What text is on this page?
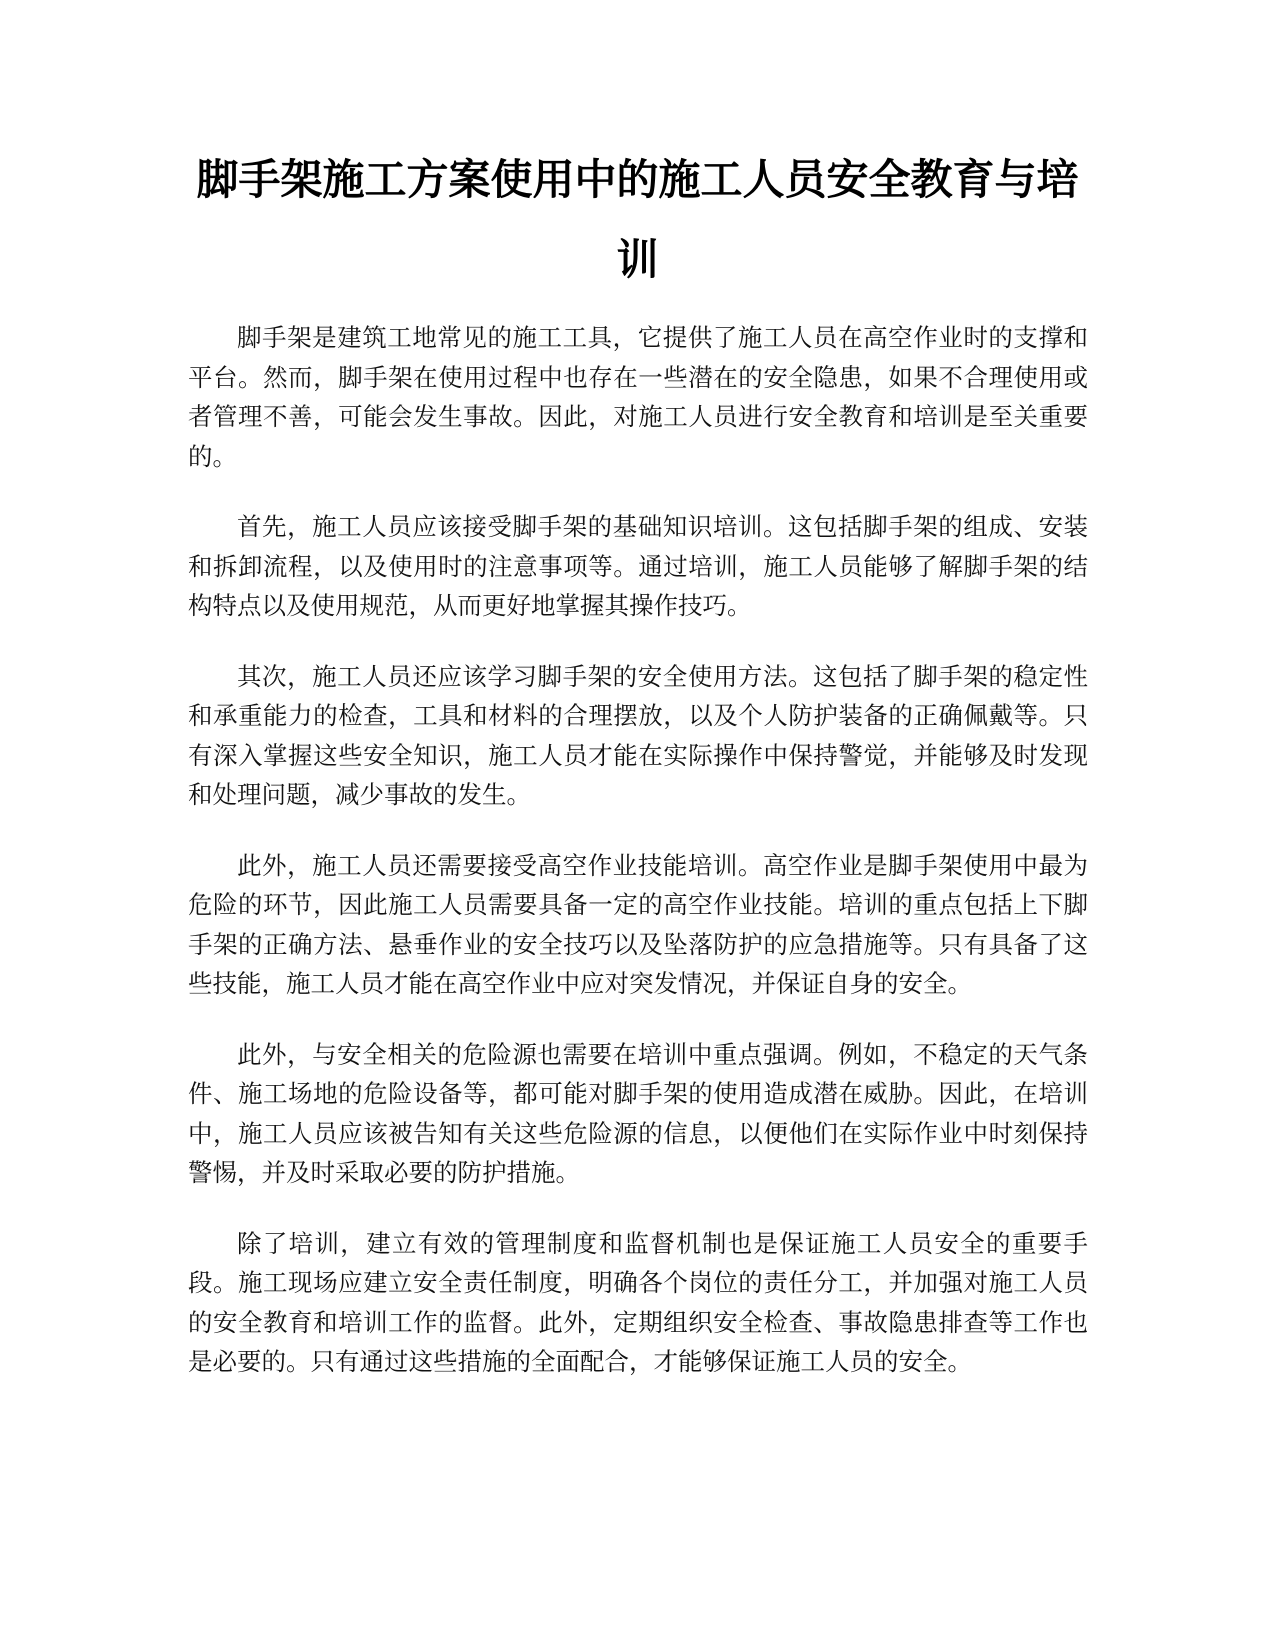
脚手架施工方案使用中的施工人员安全教育与培训

脚手架是建筑工地常见的施工工具，它提供了施工人员在高空作业时的支撑和平台。然而，脚手架在使用过程中也存在一些潜在的安全隐患，如果不合理使用或者管理不善，可能会发生事故。因此，对施工人员进行安全教育和培训是至关重要的。

首先，施工人员应该接受脚手架的基础知识培训。这包括脚手架的组成、安装和拆卸流程，以及使用时的注意事项等。通过培训，施工人员能够了解脚手架的结构特点以及使用规范，从而更好地掌握其操作技巧。

其次，施工人员还应该学习脚手架的安全使用方法。这包括了脚手架的稳定性和承重能力的检查，工具和材料的合理摆放，以及个人防护装备的正确佩戴等。只有深入掌握这些安全知识，施工人员才能在实际操作中保持警觉，并能够及时发现和处理问题，减少事故的发生。

此外，施工人员还需要接受高空作业技能培训。高空作业是脚手架使用中最为危险的环节，因此施工人员需要具备一定的高空作业技能。培训的重点包括上下脚手架的正确方法、悬垂作业的安全技巧以及坠落防护的应急措施等。只有具备了这些技能，施工人员才能在高空作业中应对突发情况，并保证自身的安全。

此外，与安全相关的危险源也需要在培训中重点强调。例如，不稳定的天气条件、施工场地的危险设备等，都可能对脚手架的使用造成潜在威胁。因此，在培训中，施工人员应该被告知有关这些危险源的信息，以便他们在实际作业中时刻保持警惕，并及时采取必要的防护措施。

除了培训，建立有效的管理制度和监督机制也是保证施工人员安全的重要手段。施工现场应建立安全责任制度，明确各个岗位的责任分工，并加强对施工人员的安全教育和培训工作的监督。此外，定期组织安全检查、事故隐患排查等工作也是必要的。只有通过这些措施的全面配合，才能够保证施工人员的安全。
